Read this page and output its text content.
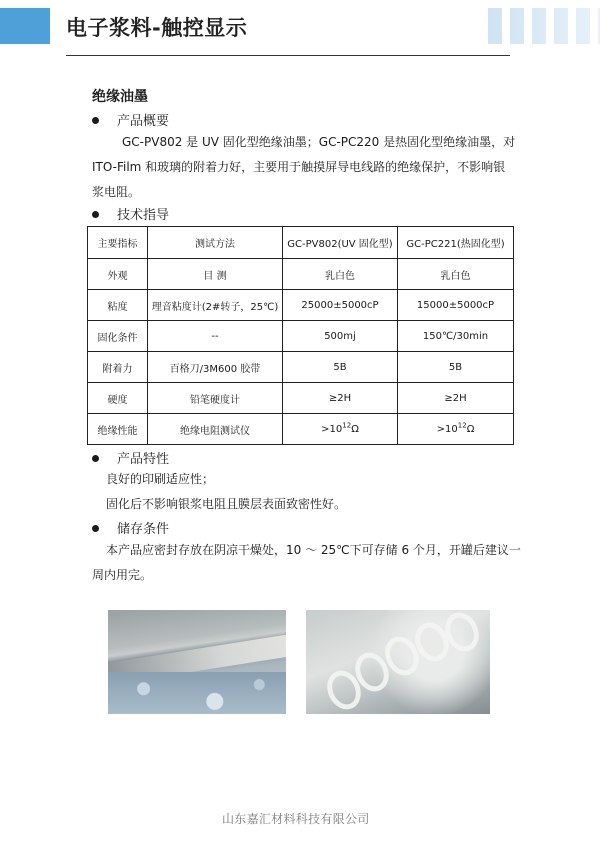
电子浆料-触控显示
绝缘油墨
产品概要
GC-PV802 是 UV 固化型绝缘油墨；GC-PC220 是热固化型绝缘油墨，对
ITO-Film 和玻璃的附着力好，主要用于触摸屏导电线路的绝缘保护，不影响银
浆电阻。
技术指导
主要指标	测试方法	GC-PV802(UV 固化型)	GC-PC221(热固化型)
外观	目 测	乳白色	乳白色
粘度	理音粘度计(2#转子，25℃)	25000±5000cP	15000±5000cP
固化条件	--	500mj	150℃/30min
附着力	百格刀/3M600 胶带	5B	5B
硬度	铅笔硬度计	≥2H	≥2H
绝缘性能	绝缘电阻测试仪	$>10^{12}\Omega$	$>10^{12}\Omega$
产品特性
良好的印刷适应性；
固化后不影响银浆电阻且膜层表面致密性好。
储存条件
本产品应密封存放在阴凉干燥处，10 ～ 25℃下可存储 6 个月，开罐后建议一
周内用完。
山东嘉汇材料科技有限公司
